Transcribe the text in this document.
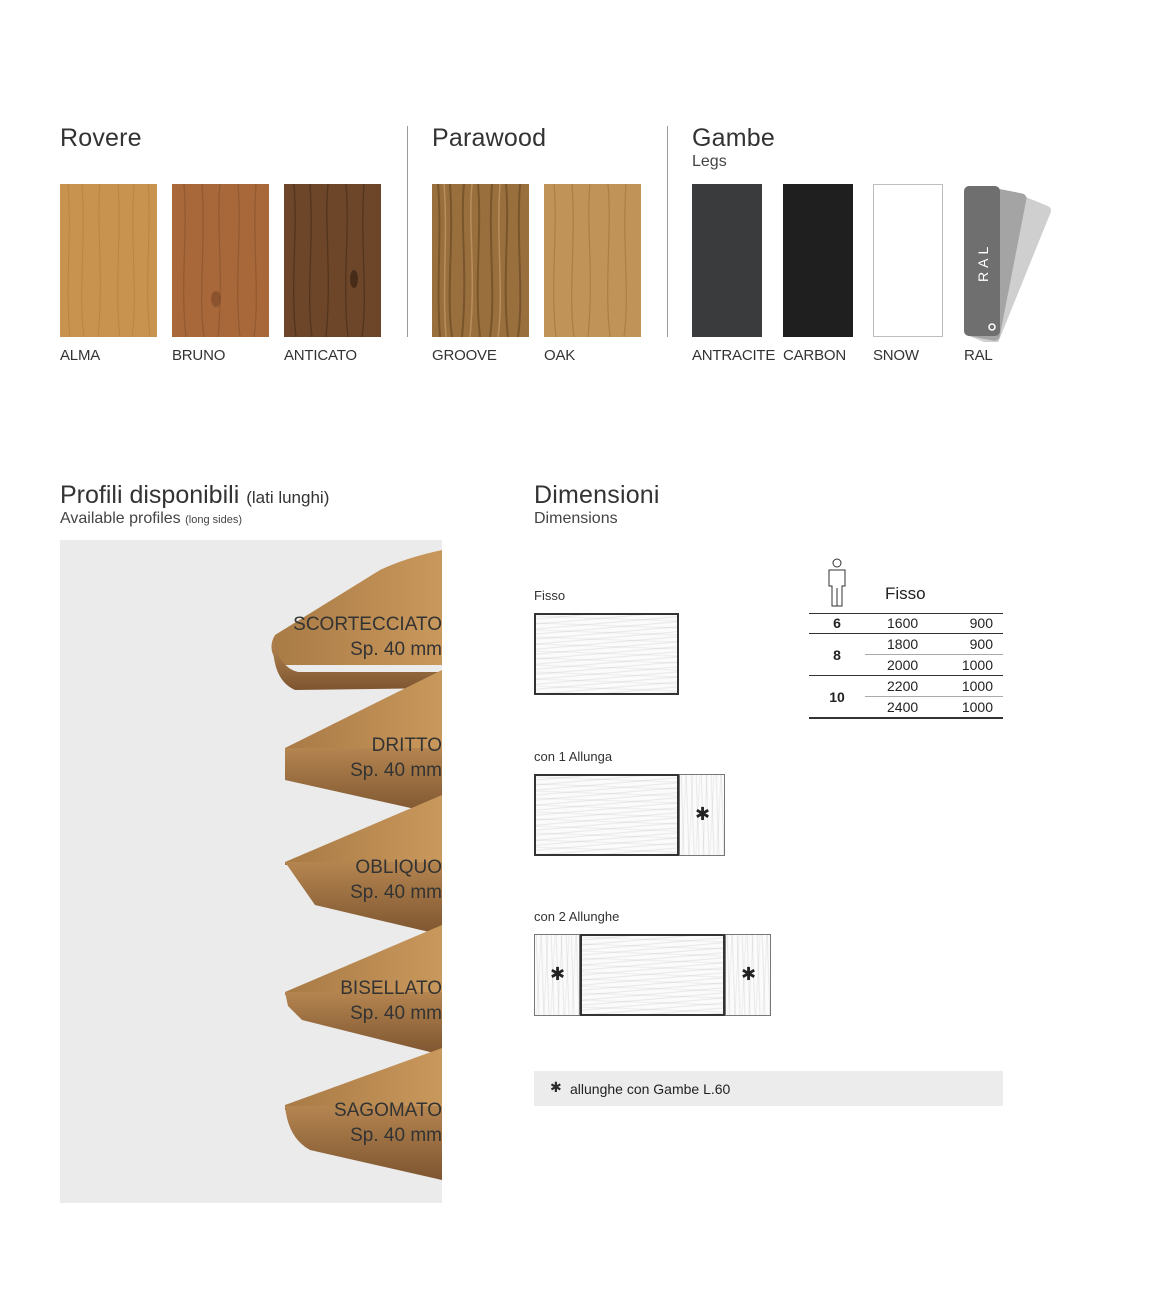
Rovere
ALMA	BRUNO	ANTICATO
Parawood
GROOVE	OAK
Gambe
Legs
RAL
ANTRACITE CARBON SNOW	RAL
Profili disponibili (lati lunghi)
Available profiles (long sides)
SCORTECCIATO
Sp. 40 mm
DRITTO
Sp. 40 mm
OBLIQUO
Sp. 40 mm
BISELLATO
Sp. 40 mm
SAGOMATO
Sp. 40 mm
Dimensioni
Dimensions
Fisso
con 1 Allunga
✱
con 2 Allunghe
✱	✱
Fisso
6	1600	900
8	1800	900
	2000	1000
10	2200	1000
	2400	1000
✱ allunghe con Gambe L.60
